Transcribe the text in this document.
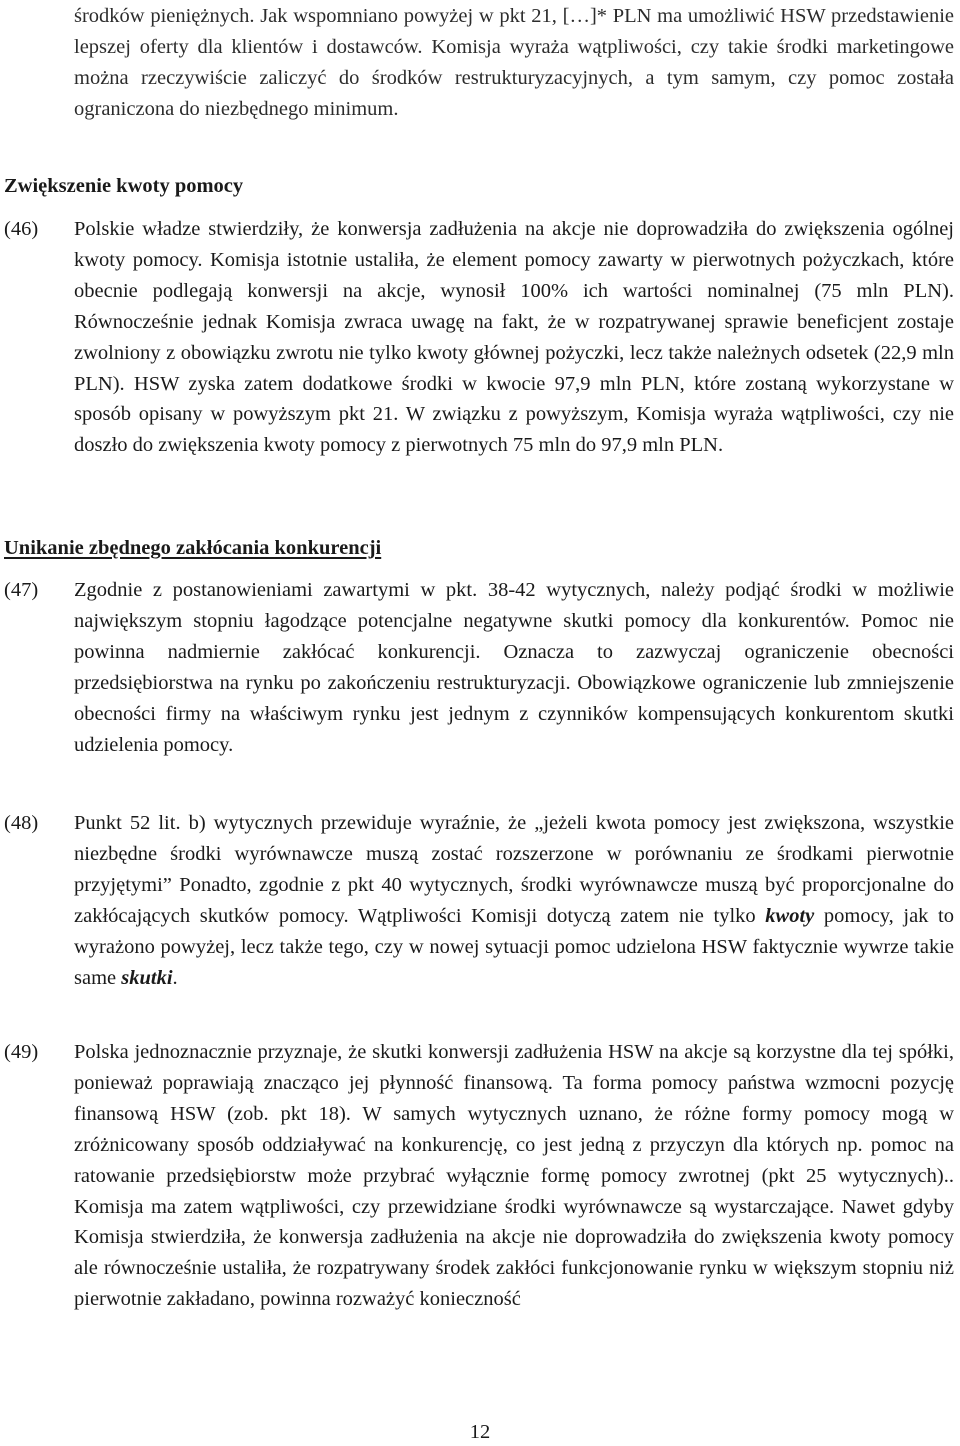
środków pieniężnych. Jak wspomniano powyżej w pkt 21, […]* PLN ma umożliwić HSW przedstawienie lepszej oferty dla klientów i dostawców. Komisja wyraża wątpliwości, czy takie środki marketingowe można rzeczywiście zaliczyć do środków restrukturyzacyjnych, a tym samym, czy pomoc została ograniczona do niezbędnego minimum.
Zwiększenie kwoty pomocy
(46) Polskie władze stwierdziły, że konwersja zadłużenia na akcje nie doprowadziła do zwiększenia ogólnej kwoty pomocy. Komisja istotnie ustaliła, że element pomocy zawarty w pierwotnych pożyczkach, które obecnie podlegają konwersji na akcje, wynosił 100% ich wartości nominalnej (75 mln PLN). Równocześnie jednak Komisja zwraca uwagę na fakt, że w rozpatrywanej sprawie beneficjent zostaje zwolniony z obowiązku zwrotu nie tylko kwoty głównej pożyczki, lecz także należnych odsetek (22,9 mln PLN). HSW zyska zatem dodatkowe środki w kwocie 97,9 mln PLN, które zostaną wykorzystane w sposób opisany w powyższym pkt 21. W związku z powyższym, Komisja wyraża wątpliwości, czy nie doszło do zwiększenia kwoty pomocy z pierwotnych 75 mln do 97,9 mln PLN.
Unikanie zbędnego zakłócania konkurencji
(47) Zgodnie z postanowieniami zawartymi w pkt. 38-42 wytycznych, należy podjąć środki w możliwie największym stopniu łagodzące potencjalne negatywne skutki pomocy dla konkurentów. Pomoc nie powinna nadmiernie zakłócać konkurencji. Oznacza to zazwyczaj ograniczenie obecności przedsiębiorstwa na rynku po zakończeniu restrukturyzacji. Obowiązkowe ograniczenie lub zmniejszenie obecności firmy na właściwym rynku jest jednym z czynników kompensujących konkurentom skutki udzielenia pomocy.
(48) Punkt 52 lit. b) wytycznych przewiduje wyraźnie, że „jeżeli kwota pomocy jest zwiększona, wszystkie niezbędne środki wyrównawcze muszą zostać rozszerzone w porównaniu ze środkami pierwotnie przyjętymi” Ponadto, zgodnie z pkt 40 wytycznych, środki wyrównawcze muszą być proporcjonalne do zakłócających skutków pomocy. Wątpliwości Komisji dotyczą zatem nie tylko kwoty pomocy, jak to wyrażono powyżej, lecz także tego, czy w nowej sytuacji pomoc udzielona HSW faktycznie wywrze takie same skutki.
(49) Polska jednoznacznie przyznaje, że skutki konwersji zadłużenia HSW na akcje są korzystne dla tej spółki, ponieważ poprawiają znacząco jej płynność finansową. Ta forma pomocy państwa wzmocni pozycję finansową HSW (zob. pkt 18). W samych wytycznych uznano, że różne formy pomocy mogą w zróżnicowany sposób oddziaływać na konkurencję, co jest jedną z przyczyn dla których np. pomoc na ratowanie przedsiębiorstw może przybrać wyłącznie formę pomocy zwrotnej (pkt 25 wytycznych).. Komisja ma zatem wątpliwości, czy przewidziane środki wyrównawcze są wystarczające. Nawet gdyby Komisja stwierdziła, że konwersja zadłużenia na akcje nie doprowadziła do zwiększenia kwoty pomocy ale równocześnie ustaliła, że rozpatrywany środek zakłóci funkcjonowanie rynku w większym stopniu niż pierwotnie zakładano, powinna rozważyć konieczność
12
